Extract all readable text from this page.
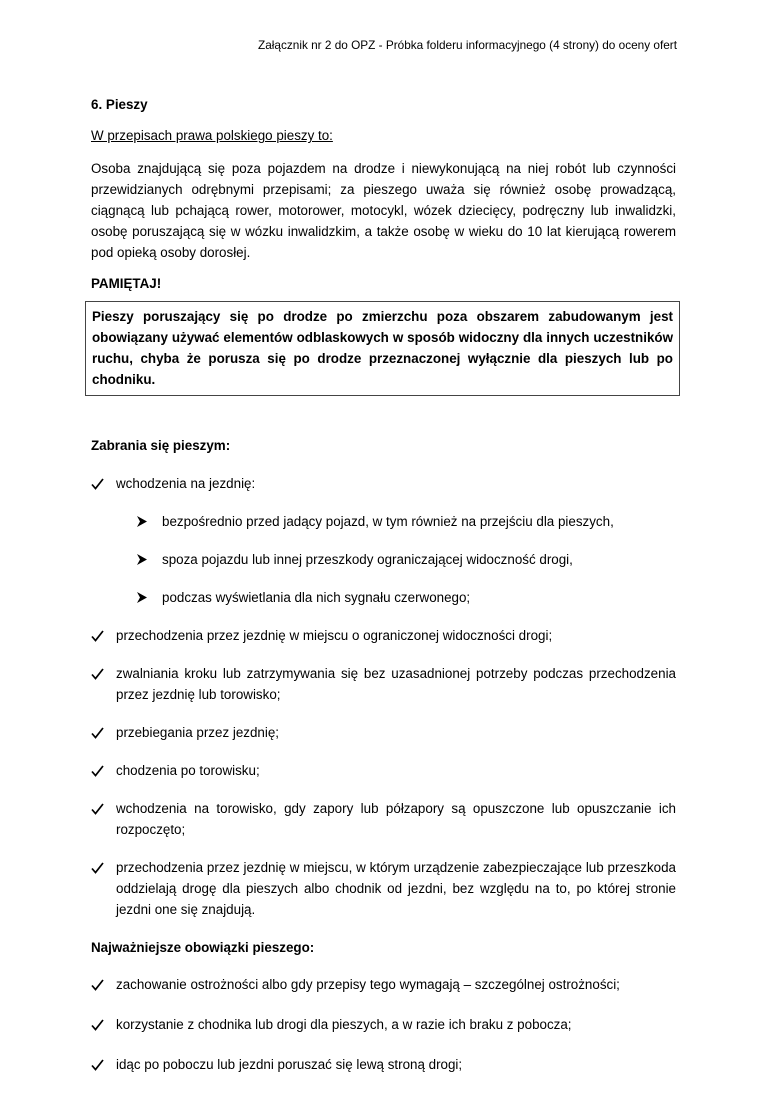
Załącznik nr 2 do OPZ - Próbka folderu informacyjnego (4 strony) do oceny ofert
6. Pieszy
W przepisach prawa polskiego pieszy to:
Osoba znajdującą się poza pojazdem na drodze i niewykonującą na niej robót lub czynności przewidzianych odrębnymi przepisami; za pieszego uważa się również osobę prowadzącą, ciągnącą lub pchającą rower, motorower, motocykl, wózek dziecięcy, podręczny lub inwalidzki, osobę poruszającą się w wózku inwalidzkim, a także osobę w wieku do 10 lat kierującą rowerem pod opieką osoby dorosłej.
PAMIĘTAJ!
Pieszy poruszający się po drodze po zmierzchu poza obszarem zabudowanym jest obowiązany używać elementów odblaskowych w sposób widoczny dla innych uczestników ruchu, chyba że porusza się po drodze przeznaczonej wyłącznie dla pieszych lub po chodniku.
Zabrania się pieszym:
wchodzenia na jezdnię:
bezpośrednio przed jadący pojazd, w tym również na przejściu dla pieszych,
spoza pojazdu lub innej przeszkody ograniczającej widoczność drogi,
podczas wyświetlania dla nich sygnału czerwonego;
przechodzenia przez jezdnię w miejscu o ograniczonej widoczności drogi;
zwalniania kroku lub zatrzymywania się bez uzasadnionej potrzeby podczas przechodzenia przez jezdnię lub torowisko;
przebiegania przez jezdnię;
chodzenia po torowisku;
wchodzenia na torowisko, gdy zapory lub półzapory są opuszczone lub opuszczanie ich rozpoczęto;
przechodzenia przez jezdnię w miejscu, w którym urządzenie zabezpieczające lub przeszkoda oddzielają drogę dla pieszych albo chodnik od jezdni, bez względu na to, po której stronie jezdni one się znajdują.
Najważniejsze obowiązki pieszego:
zachowanie ostrożności albo gdy przepisy tego wymagają – szczególnej ostrożności;
korzystanie z chodnika lub drogi dla pieszych, a w razie ich braku z pobocza;
idąc po poboczu lub jezdni poruszać się lewą stroną drogi;
